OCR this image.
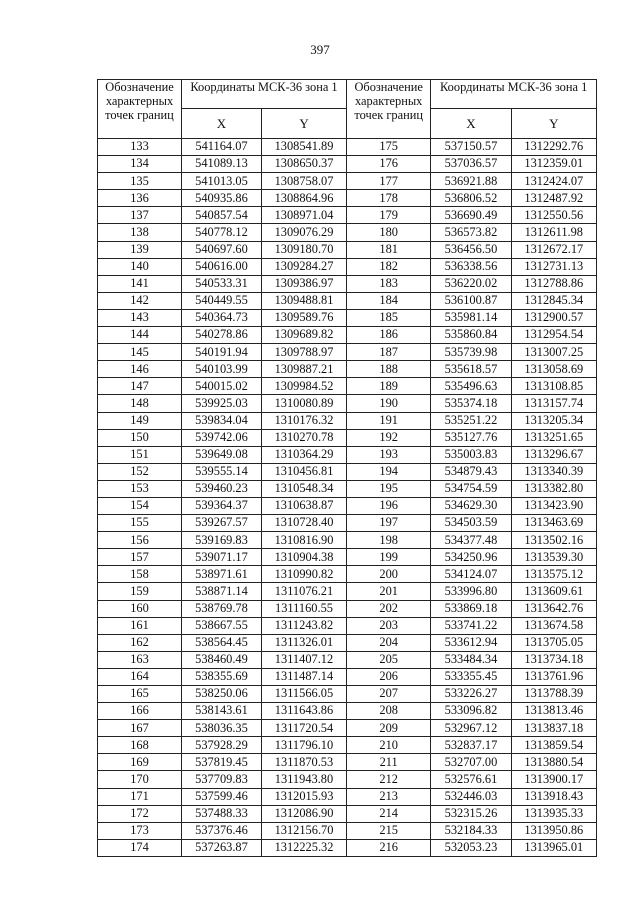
397
Обозначение характерных точек границ	Координаты МСК-36 зона 1	
	X	Y
133	541164.07	1308541.89
134	541089.13	1308650.37
135	541013.05	1308758.07
136	540935.86	1308864.96
137	540857.54	1308971.04
138	540778.12	1309076.29
139	540697.60	1309180.70
140	540616.00	1309284.27
141	540533.31	1309386.97
142	540449.55	1309488.81
143	540364.73	1309589.76
144	540278.86	1309689.82
145	540191.94	1309788.97
146	540103.99	1309887.21
147	540015.02	1309984.52
148	539925.03	1310080.89
149	539834.04	1310176.32
150	539742.06	1310270.78
151	539649.08	1310364.29
152	539555.14	1310456.81
153	539460.23	1310548.34
154	539364.37	1310638.87
155	539267.57	1310728.40
156	539169.83	1310816.90
157	539071.17	1310904.38
158	538971.61	1310990.82
159	538871.14	1311076.21
160	538769.78	1311160.55
161	538667.55	1311243.82
162	538564.45	1311326.01
163	538460.49	1311407.12
164	538355.69	1311487.14
165	538250.06	1311566.05
166	538143.61	1311643.86
167	538036.35	1311720.54
168	537928.29	1311796.10
169	537819.45	1311870.53
170	537709.83	1311943.80
171	537599.46	1312015.93
172	537488.33	1312086.90
173	537376.46	1312156.70
174	537263.87	1312225.32
Обозначение характерных точек границ	Координаты МСК-36 зона 1	
	X	Y
175	537150.57	1312292.76
176	537036.57	1312359.01
177	536921.88	1312424.07
178	536806.52	1312487.92
179	536690.49	1312550.56
180	536573.82	1312611.98
181	536456.50	1312672.17
182	536338.56	1312731.13
183	536220.02	1312788.86
184	536100.87	1312845.34
185	535981.14	1312900.57
186	535860.84	1312954.54
187	535739.98	1313007.25
188	535618.57	1313058.69
189	535496.63	1313108.85
190	535374.18	1313157.74
191	535251.22	1313205.34
192	535127.76	1313251.65
193	535003.83	1313296.67
194	534879.43	1313340.39
195	534754.59	1313382.80
196	534629.30	1313423.90
197	534503.59	1313463.69
198	534377.48	1313502.16
199	534250.96	1313539.30
200	534124.07	1313575.12
201	533996.80	1313609.61
202	533869.18	1313642.76
203	533741.22	1313674.58
204	533612.94	1313705.05
205	533484.34	1313734.18
206	533355.45	1313761.96
207	533226.27	1313788.39
208	533096.82	1313813.46
209	532967.12	1313837.18
210	532837.17	1313859.54
211	532707.00	1313880.54
212	532576.61	1313900.17
213	532446.03	1313918.43
214	532315.26	1313935.33
215	532184.33	1313950.86
216	532053.23	1313965.01
